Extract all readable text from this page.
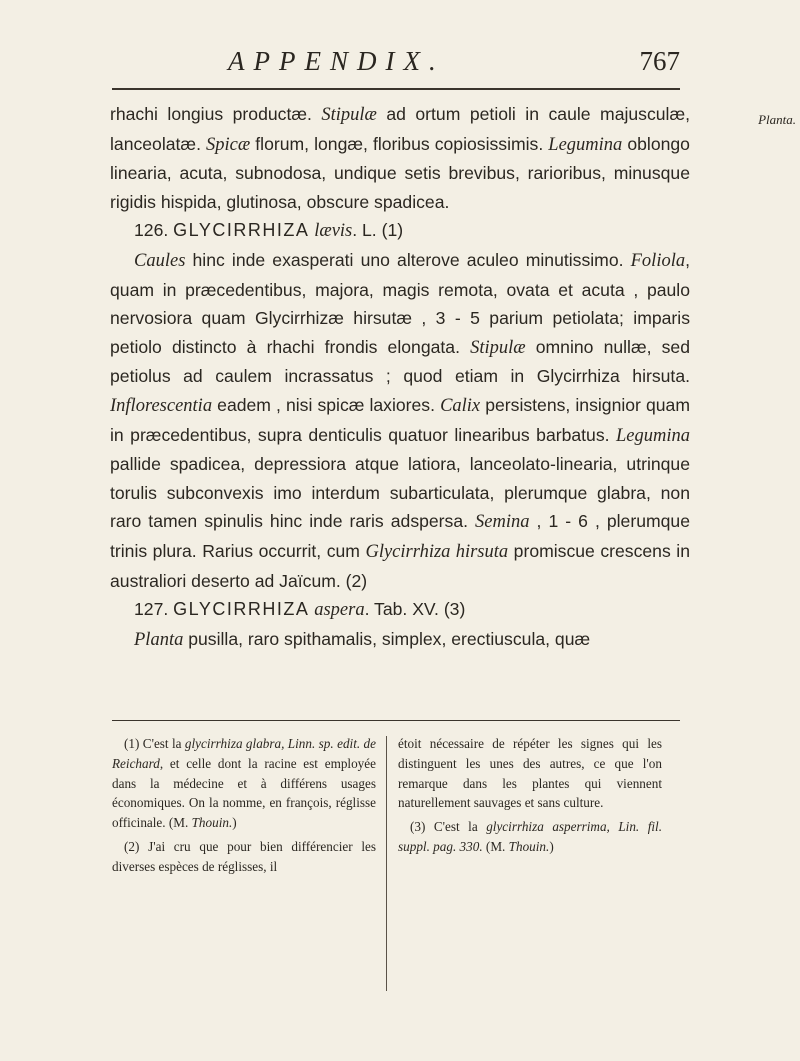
APPENDIX.	767
Planta.

rhachi longius productæ. Stipulæ ad ortum petioli in caule majusculæ, lanceolatæ. Spicæ florum, longæ, floribus copiosissimis. Legumina oblongo linearia, acuta, subnodosa, undique setis brevibus, rarioribus, minusque rigidis hispida, glutinosa, obscure spadicea.

126. GLYCIRRHIZA lævis. L. (1)

Caules hinc inde exasperati uno alterove aculeo minutissimo. Foliola, quam in præcedentibus, majora, magis remota, ovata et acuta , paulo nervosiora quam Glycirrhizæ hirsutæ , 3 - 5 parium petiolata; imparis petiolo distincto à rhachi frondis elongata. Stipulæ omnino nullæ, sed petiolus ad caulem incrassatus ; quod etiam in Glycirrhiza hirsuta. Inflorescentia eadem , nisi spicæ laxiores. Calix persistens, insignior quam in præcedentibus, supra denticulis quatuor linearibus barbatus. Legumina pallide spadicea, depressiora atque latiora, lanceolato-linearia, utrinque torulis subconvexis imo interdum subarticulata, plerumque glabra, non raro tamen spinulis hinc inde raris adspersa. Semina , 1 - 6 , plerumque trinis plura. Rarius occurrit, cum Glycirrhiza hirsuta promiscue crescens in australiori deserto ad Jaïcum. (2)

127. GLYCIRRHIZA aspera. Tab. XV. (3)

Planta pusilla, raro spithamalis, simplex, erectiuscula, quæ

(1) C'est la glycirrhiza glabra, Linn. sp. edit. de Reichard, et celle dont la racine est employée dans la médecine et à différens usages économiques. On la nomme, en françois, réglisse officinale. (M. Thouin.)

(2) J'ai cru que pour bien différencier les diverses espèces de réglisses, il

étoit nécessaire de répéter les signes qui les distinguent les unes des autres, ce que l'on remarque dans les plantes qui viennent naturellement sauvages et sans culture.

(3) C'est la glycirrhiza asperrima, Lin. fil. suppl. pag. 330. (M. Thouin.)
